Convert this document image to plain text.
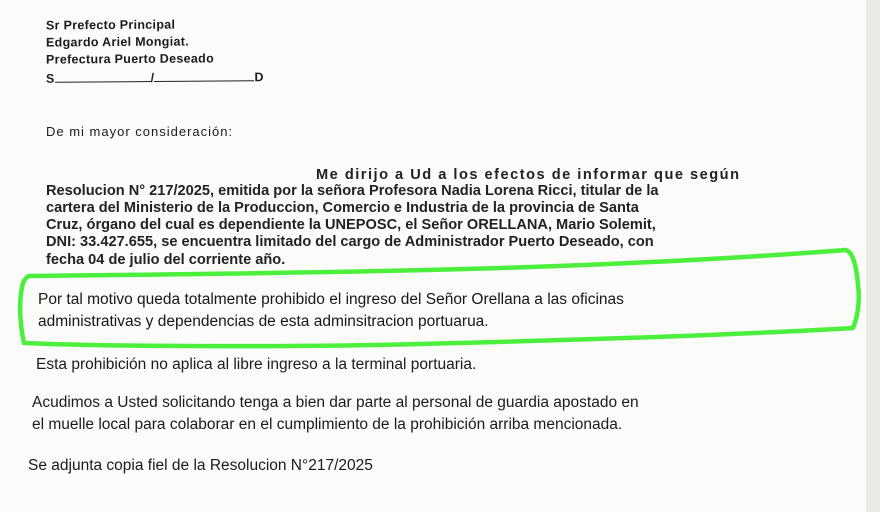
Sr Prefecto Principal

Edgardo Ariel Mongiat.

Prefectura Puerto Deseado

S	/	D

De mi mayor consideración:

Me dirijo a Ud a los efectos de informar que según

Resolucion N° 217/2025, emitida por la señora Profesora Nadia Lorena Ricci, titular de la

cartera del Ministerio de la Produccion, Comercio e Industria de la provincia de Santa

Cruz, órgano del cual es dependiente la UNEPOSC, el Señor ORELLANA, Mario Solemit,

DNI: 33.427.655, se encuentra limitado del cargo de Administrador Puerto Deseado, con

fecha 04 de julio del corriente año.

Por tal motivo queda totalmente prohibido el ingreso del Señor Orellana a las oficinas

administrativas y dependencias de esta adminsitracion portuarua.

Esta prohibición no aplica al libre ingreso a la terminal portuaria.

Acudimos a Usted solicitando tenga a bien dar parte al personal de guardia apostado en

el muelle local para colaborar en el cumplimiento de la prohibición arriba mencionada.

Se adjunta copia fiel de la Resolucion N°217/2025
